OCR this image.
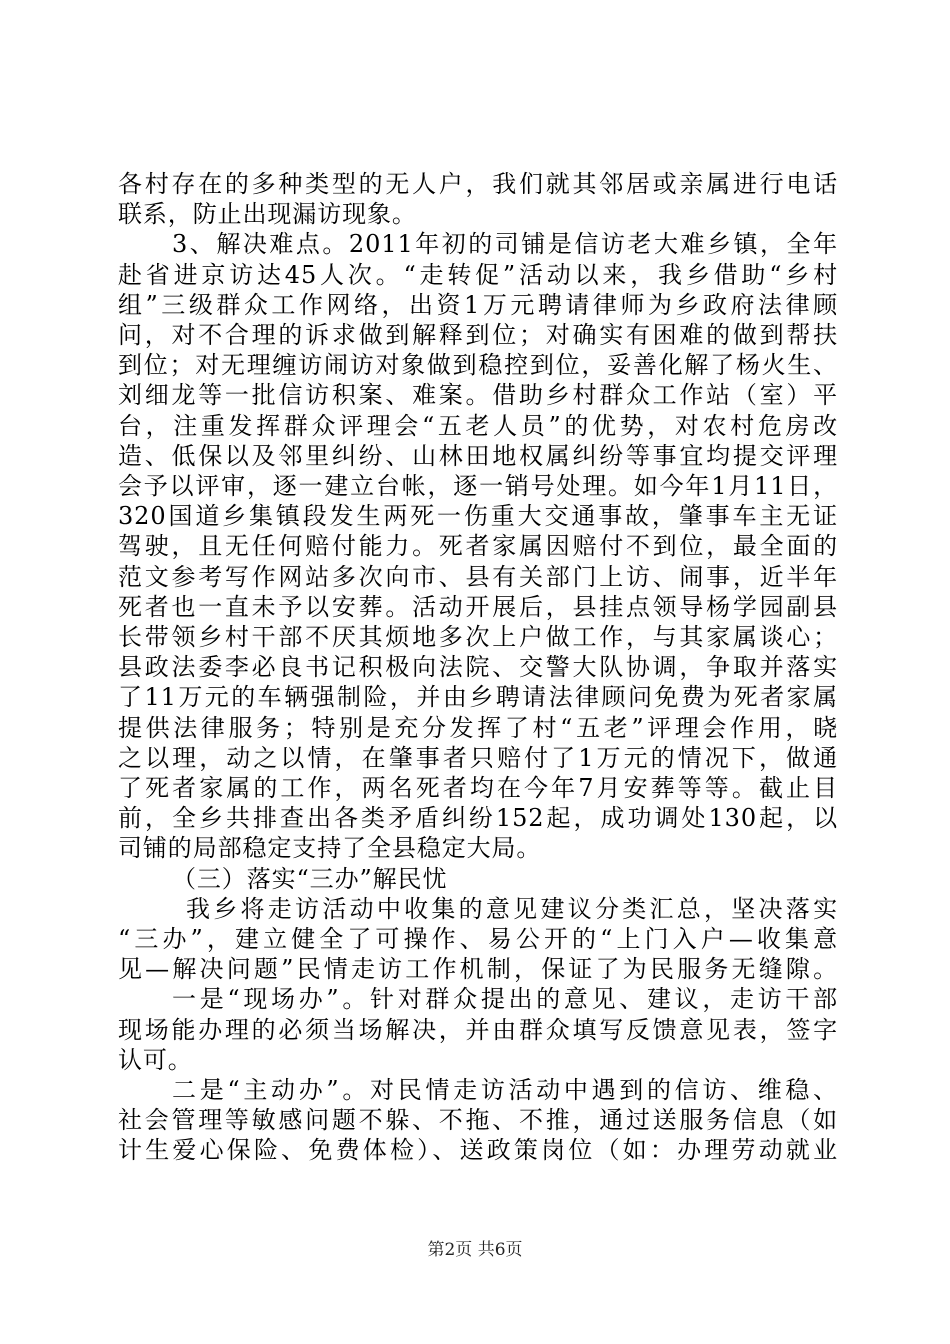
各村存在的多种类型的无人户，我们就其邻居或亲属进行电话
联系，防止出现漏访现象。
3、解决难点。2011年初的司铺是信访老大难乡镇，全年
赴省进京访达45人次。“走转促”活动以来，我乡借助“乡村
组”三级群众工作网络，出资1万元聘请律师为乡政府法律顾
问，对不合理的诉求做到解释到位；对确实有困难的做到帮扶
到位；对无理缠访闹访对象做到稳控到位，妥善化解了杨火生、
刘细龙等一批信访积案、难案。借助乡村群众工作站（室）平
台，注重发挥群众评理会“五老人员”的优势，对农村危房改
造、低保以及邻里纠纷、山林田地权属纠纷等事宜均提交评理
会予以评审，逐一建立台帐，逐一销号处理。如今年1月11日，
320国道乡集镇段发生两死一伤重大交通事故，肇事车主无证
驾驶，且无任何赔付能力。死者家属因赔付不到位，最全面的
范文参考写作网站多次向市、县有关部门上访、闹事，近半年
死者也一直未予以安葬。活动开展后，县挂点领导杨学园副县
长带领乡村干部不厌其烦地多次上户做工作，与其家属谈心；
县政法委李必良书记积极向法院、交警大队协调，争取并落实
了11万元的车辆强制险，并由乡聘请法律顾问免费为死者家属
提供法律服务；特别是充分发挥了村“五老”评理会作用，晓
之以理，动之以情，在肇事者只赔付了1万元的情况下，做通
了死者家属的工作，两名死者均在今年7月安葬等等。截止目
前，全乡共排查出各类矛盾纠纷152起，成功调处130起，以
司铺的局部稳定支持了全县稳定大局。
（三）落实“三办”解民忧
我乡将走访活动中收集的意见建议分类汇总，坚决落实
“三办”，建立健全了可操作、易公开的“上门入户—收集意
见—解决问题”民情走访工作机制，保证了为民服务无缝隙。
一是“现场办”。针对群众提出的意见、建议，走访干部
现场能办理的必须当场解决，并由群众填写反馈意见表，签字
认可。
二是“主动办”。对民情走访活动中遇到的信访、维稳、
社会管理等敏感问题不躲、不拖、不推，通过送服务信息（如
计生爱心保险、免费体检）、送政策岗位（如：办理劳动就业
第2页 共6页
